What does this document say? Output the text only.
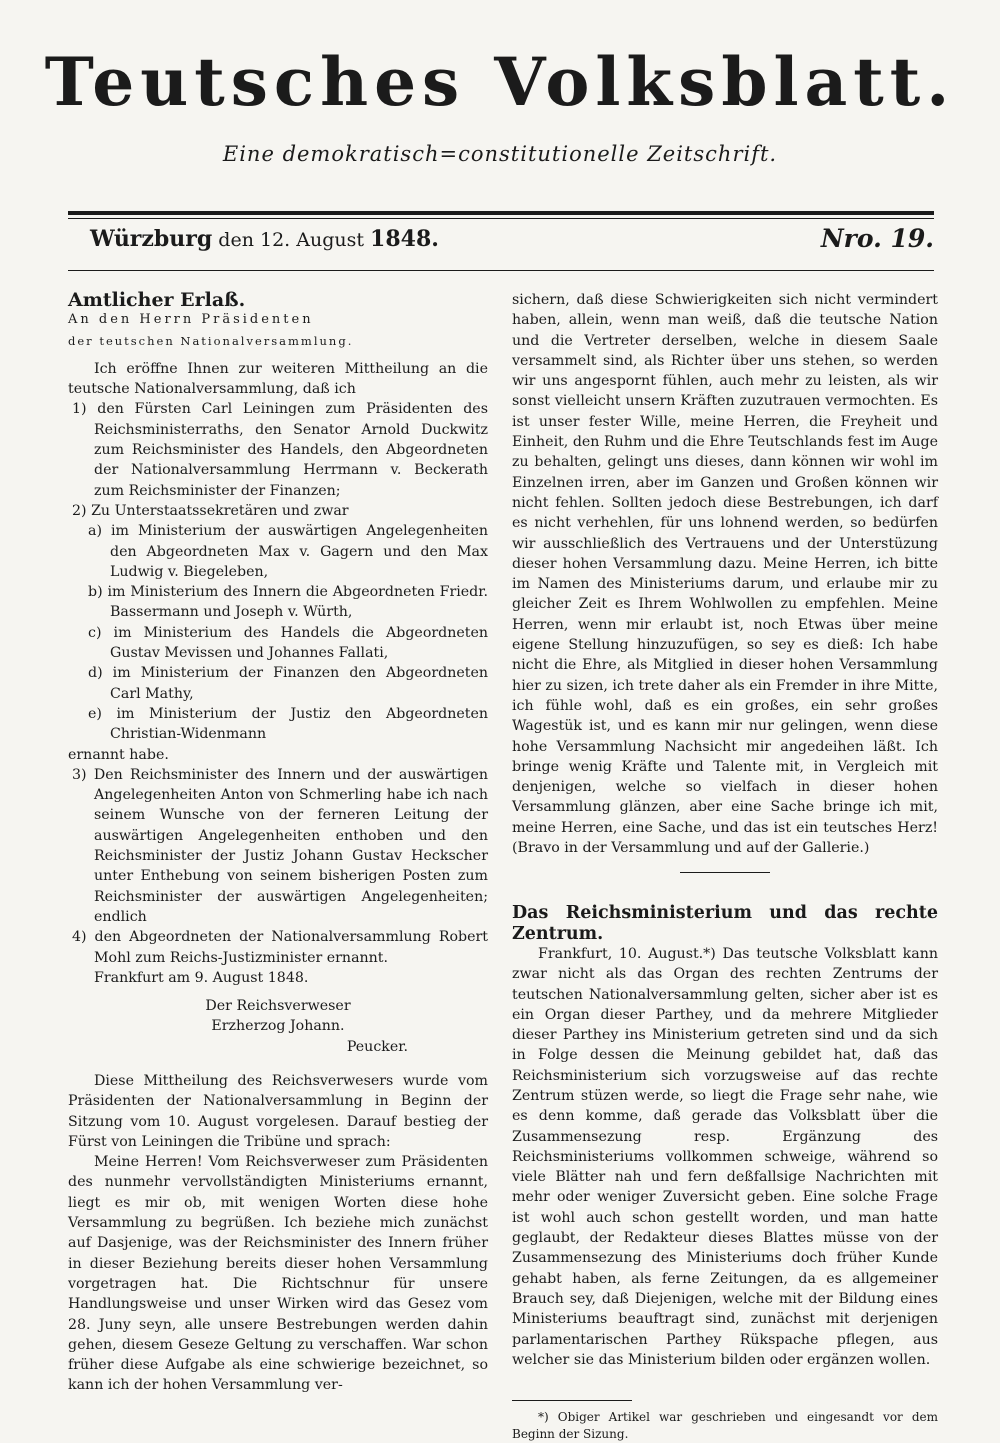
Teutsches Volksblatt.
Eine demokratisch=constitutionelle Zeitschrift.
Würzburg den 12. August 1848.	Nro. 19.

Amtlicher Erlaß.

An den Herrn Präsidenten

der teutschen Nationalversammlung.

Ich eröffne Ihnen zur weiteren Mittheilung an die teutsche Nationalversammlung, daß ich

1) den Fürsten Carl Leiningen zum Präsidenten des Reichsministerraths, den Senator Arnold Duckwitz zum Reichsminister des Handels, den Abgeordneten der Nationalversammlung Herrmann v. Beckerath zum Reichsminister der Finanzen;

2) Zu Unterstaatssekretären und zwar

a) im Ministerium der auswärtigen Angelegenheiten den Abgeordneten Max v. Gagern und den Max Ludwig v. Biegeleben,

b) im Ministerium des Innern die Abgeordneten Friedr. Bassermann und Joseph v. Würth,

c) im Ministerium des Handels die Abgeordneten Gustav Mevissen und Johannes Fallati,

d) im Ministerium der Finanzen den Abgeordneten Carl Mathy,

e) im Ministerium der Justiz den Abgeordneten Christian-Widenmann

ernannt habe.

3) Den Reichsminister des Innern und der auswärtigen Angelegenheiten Anton von Schmerling habe ich nach seinem Wunsche von der ferneren Leitung der auswärtigen Angelegenheiten enthoben und den Reichsminister der Justiz Johann Gustav Heckscher unter Enthebung von seinem bisherigen Posten zum Reichsminister der auswärtigen Angelegenheiten; endlich

4) den Abgeordneten der Nationalversammlung Robert Mohl zum Reichs-Justizminister ernannt.

Frankfurt am 9. August 1848.

Der Reichsverweser

Erzherzog Johann.

Peucker.

Diese Mittheilung des Reichsverwesers wurde vom Präsidenten der Nationalversammlung in Beginn der Sitzung vom 10. August vorgelesen. Darauf bestieg der Fürst von Leiningen die Tribüne und sprach:

Meine Herren! Vom Reichsverweser zum Präsidenten des nunmehr vervollständigten Ministeriums ernannt, liegt es mir ob, mit wenigen Worten diese hohe Versammlung zu begrüßen. Ich beziehe mich zunächst auf Dasjenige, was der Reichsminister des Innern früher in dieser Beziehung bereits dieser hohen Versammlung vorgetragen hat. Die Richtschnur für unsere Handlungsweise und unser Wirken wird das Gesez vom 28. Juny seyn, alle unsere Bestrebungen werden dahin gehen, diesem Geseze Geltung zu verschaffen. War schon früher diese Aufgabe als eine schwierige bezeichnet, so kann ich der hohen Versammlung ver-

sichern, daß diese Schwierigkeiten sich nicht vermindert haben, allein, wenn man weiß, daß die teutsche Nation und die Vertreter derselben, welche in diesem Saale versammelt sind, als Richter über uns stehen, so werden wir uns angespornt fühlen, auch mehr zu leisten, als wir sonst vielleicht unsern Kräften zuzutrauen vermochten. Es ist unser fester Wille, meine Herren, die Freyheit und Einheit, den Ruhm und die Ehre Teutschlands fest im Auge zu behalten, gelingt uns dieses, dann können wir wohl im Einzelnen irren, aber im Ganzen und Großen können wir nicht fehlen. Sollten jedoch diese Bestrebungen, ich darf es nicht verhehlen, für uns lohnend werden, so bedürfen wir ausschließlich des Vertrauens und der Unterstüzung dieser hohen Versammlung dazu. Meine Herren, ich bitte im Namen des Ministeriums darum, und erlaube mir zu gleicher Zeit es Ihrem Wohlwollen zu empfehlen. Meine Herren, wenn mir erlaubt ist, noch Etwas über meine eigene Stellung hinzuzufügen, so sey es dieß: Ich habe nicht die Ehre, als Mitglied in dieser hohen Versammlung hier zu sizen, ich trete daher als ein Fremder in ihre Mitte, ich fühle wohl, daß es ein großes, ein sehr großes Wagestük ist, und es kann mir nur gelingen, wenn diese hohe Versammlung Nachsicht mir angedeihen läßt. Ich bringe wenig Kräfte und Talente mit, in Vergleich mit denjenigen, welche so vielfach in dieser hohen Versammlung glänzen, aber eine Sache bringe ich mit, meine Herren, eine Sache, und das ist ein teutsches Herz! (Bravo in der Versammlung und auf der Gallerie.)

Das Reichsministerium und das rechte Zentrum.

Frankfurt, 10. August.*) Das teutsche Volksblatt kann zwar nicht als das Organ des rechten Zentrums der teutschen Nationalversammlung gelten, sicher aber ist es ein Organ dieser Parthey, und da mehrere Mitglieder dieser Parthey ins Ministerium getreten sind und da sich in Folge dessen die Meinung gebildet hat, daß das Reichsministerium sich vorzugsweise auf das rechte Zentrum stüzen werde, so liegt die Frage sehr nahe, wie es denn komme, daß gerade das Volksblatt über die Zusammensezung resp. Ergänzung des Reichsministeriums vollkommen schweige, während so viele Blätter nah und fern deßfallsige Nachrichten mit mehr oder weniger Zuversicht geben. Eine solche Frage ist wohl auch schon gestellt worden, und man hatte geglaubt, der Redakteur dieses Blattes müsse von der Zusammensezung des Ministeriums doch früher Kunde gehabt haben, als ferne Zeitungen, da es allgemeiner Brauch sey, daß Diejenigen, welche mit der Bildung eines Ministeriums beauftragt sind, zunächst mit derjenigen parlamentarischen Parthey Rükspache pflegen, aus welcher sie das Ministerium bilden oder ergänzen wollen.

*) Obiger Artikel war geschrieben und eingesandt vor dem Beginn der Sizung.
